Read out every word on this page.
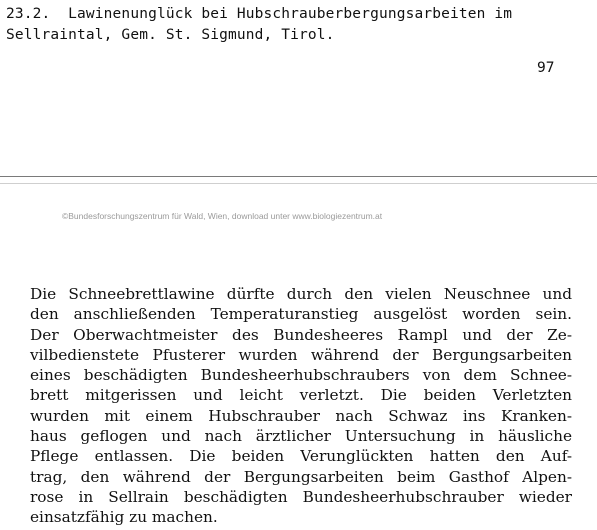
23.2.  Lawinenunglück bei Hubschrauberbergungsarbeiten im
Sellraintal, Gem. St. Sigmund, Tirol.
97
©Bundesforschungszentrum für Wald, Wien, download unter www.biologiezentrum.at
Die Schneebrettlawine dürfte durch den vielen Neuschnee und
den anschließenden Temperaturanstieg ausgelöst worden sein.
Der Oberwachtmeister des Bundesheeres Rampl und der Ze-
vilbedienstete Pfusterer wurden während der Bergungsarbeiten
eines beschädigten Bundesheerhubschraubers von dem Schnee-
brett mitgerissen und leicht verletzt. Die beiden Verletzten
wurden mit einem Hubschrauber nach Schwaz ins Kranken-
haus geflogen und nach ärztlicher Untersuchung in häusliche
Pflege entlassen. Die beiden Verunglückten hatten den Auf-
trag, den während der Bergungsarbeiten beim Gasthof Alpen-
rose in Sellrain beschädigten Bundesheerhubschrauber wieder
einsatzfähig zu machen.
